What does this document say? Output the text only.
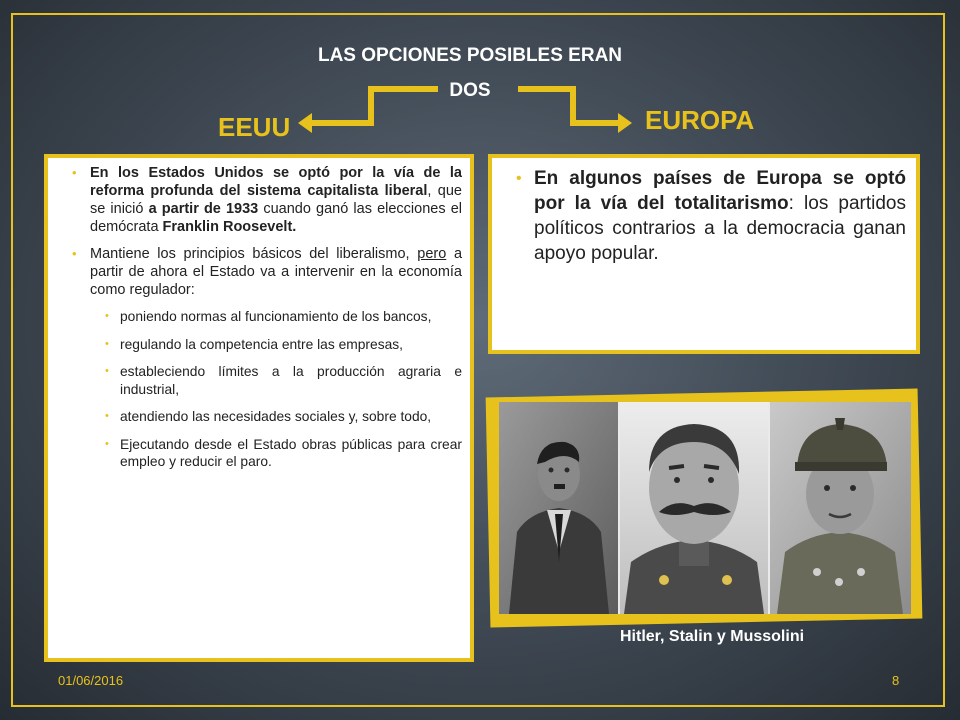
LAS OPCIONES POSIBLES ERAN
DOS
EEUU	EUROPA
• En los Estados Unidos se optó por la vía de la reforma profunda del sistema capitalista liberal, que se inició a partir de 1933 cuando ganó las elecciones el demócrata Franklin Roosevelt.
• Mantiene los principios básicos del liberalismo, pero a partir de ahora el Estado va a intervenir en la economía como regulador:
• poniendo normas al funcionamiento de los bancos,
• regulando la competencia entre las empresas,
• estableciendo límites a la producción agraria e industrial,
• atendiendo las necesidades sociales y, sobre todo,
• Ejecutando desde el Estado obras públicas para crear empleo y reducir el paro.
• En algunos países de Europa se optó por la vía del totalitarismo: los partidos políticos contrarios a la democracia ganan apoyo popular.
Hitler, Stalin y Mussolini
01/06/2016	8
